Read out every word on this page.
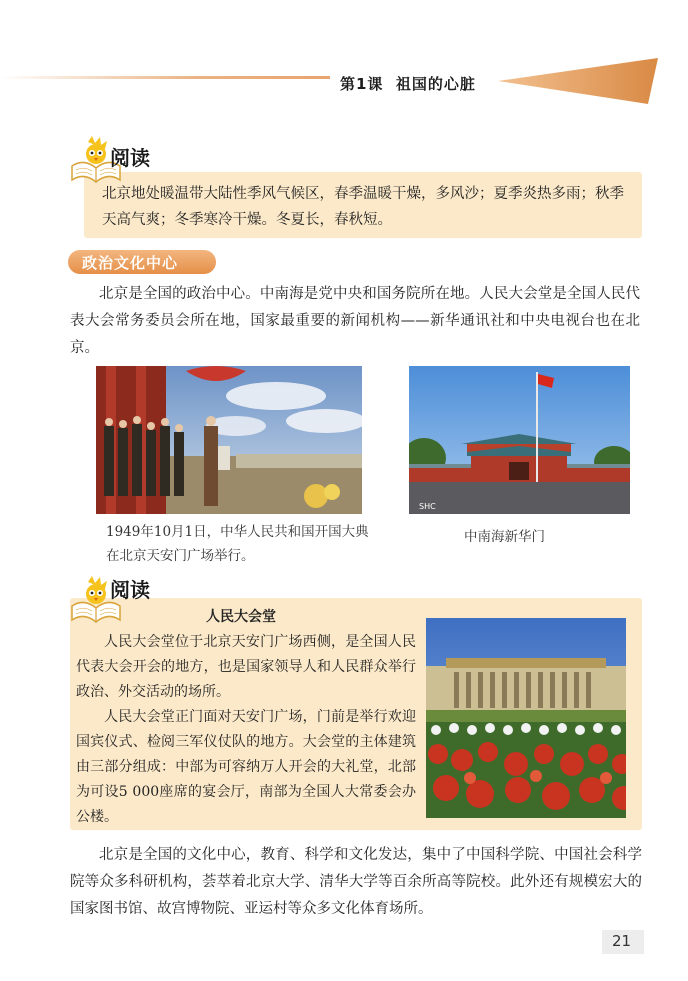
第1课 祖国的心脏
阅读
北京地处暖温带大陆性季风气候区，春季温暖干燥，多风沙；夏季炎热多雨；秋季天高气爽；冬季寒冷干燥。冬夏长，春秋短。
政治文化中心
北京是全国的政治中心。中南海是党中央和国务院所在地。人民大会堂是全国人民代表大会常务委员会所在地，国家最重要的新闻机构——新华通讯社和中央电视台也在北京。
SHC
1949年10月1日，中华人民共和国开国大典在北京天安门广场举行。
中南海新华门
阅读
人民大会堂

人民大会堂位于北京天安门广场西侧，是全国人民代表大会开会的地方，也是国家领导人和人民群众举行政治、外交活动的场所。

人民大会堂正门面对天安门广场，门前是举行欢迎国宾仪式、检阅三军仪仗队的地方。大会堂的主体建筑由三部分组成：中部为可容纳万人开会的大礼堂，北部为可设5 000座席的宴会厅，南部为全国人大常委会办公楼。

北京是全国的文化中心，教育、科学和文化发达，集中了中国科学院、中国社会科学院等众多科研机构，荟萃着北京大学、清华大学等百余所高等院校。此外还有规模宏大的国家图书馆、故宫博物院、亚运村等众多文化体育场所。
21
